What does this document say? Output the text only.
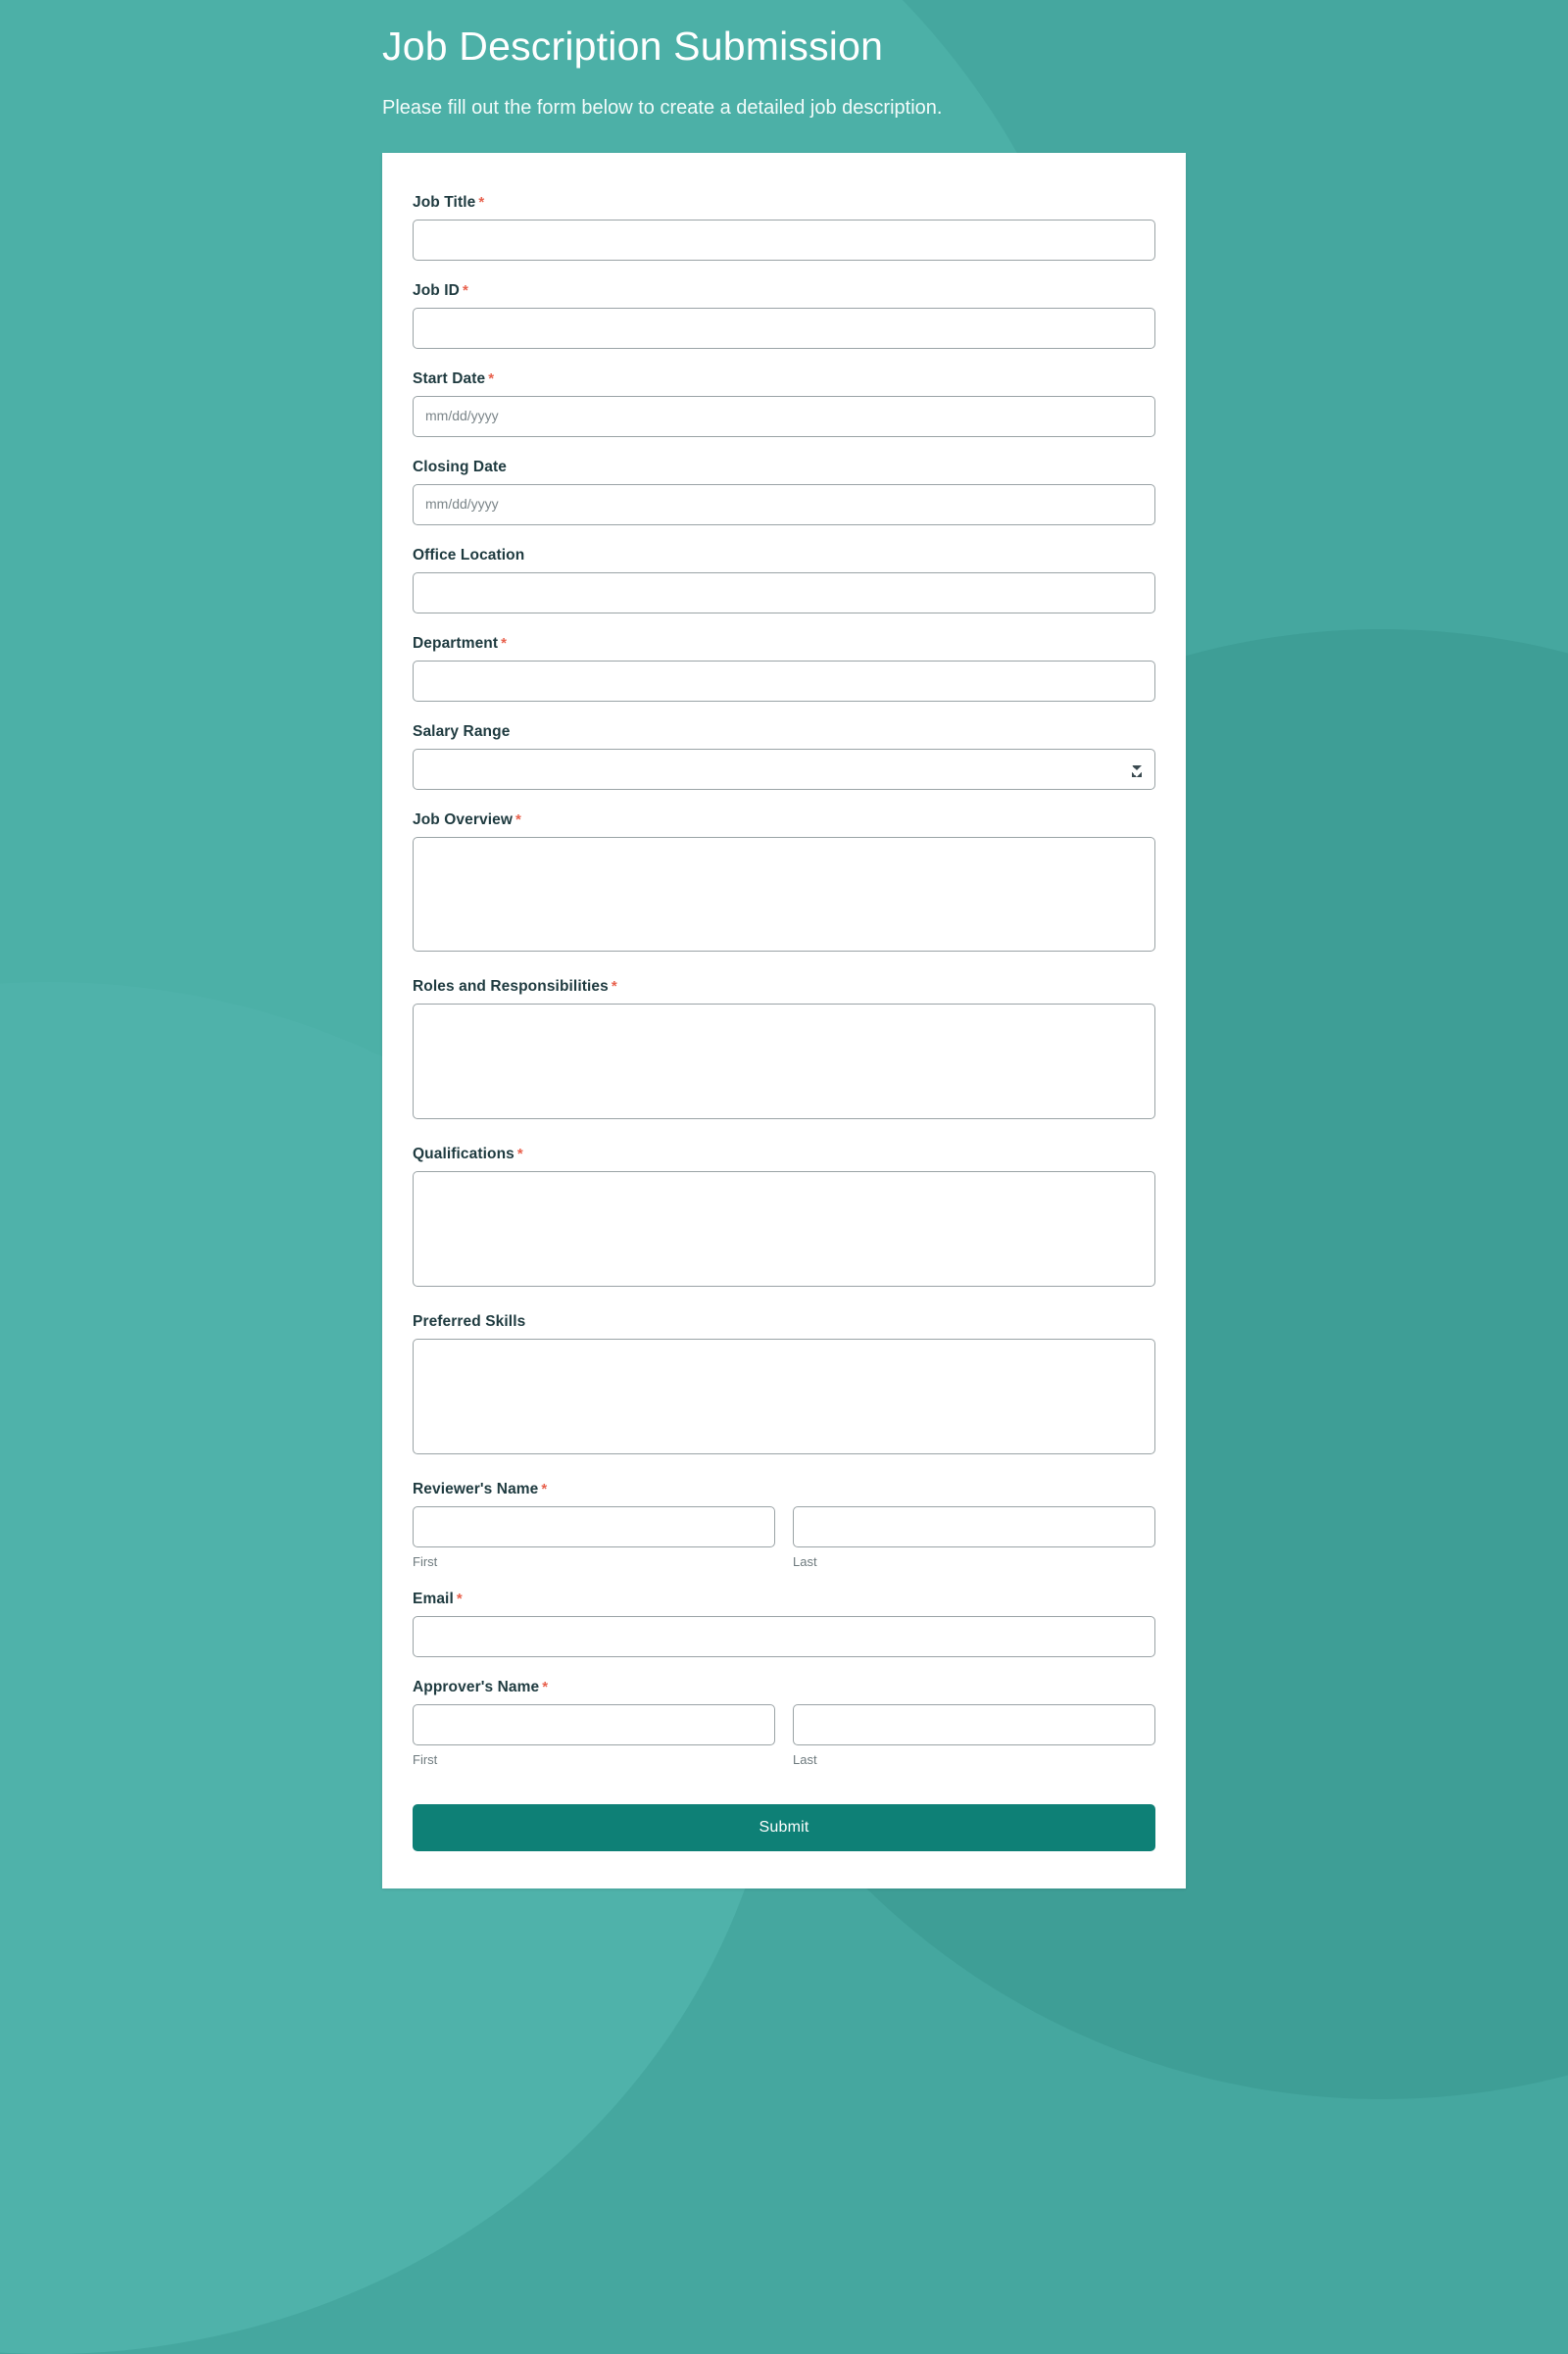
Job Description Submission

Please fill out the form below to create a detailed job description.

Job Title *
Job ID *
Start Date *
mm/dd/yyyy
Closing Date
mm/dd/yyyy
Office Location
Department *
Salary Range
Job Overview *
Roles and Responsibilities *
Qualifications *
Preferred Skills
Reviewer's Name *
First	Last
Email *
Approver's Name *
First	Last
Submit
